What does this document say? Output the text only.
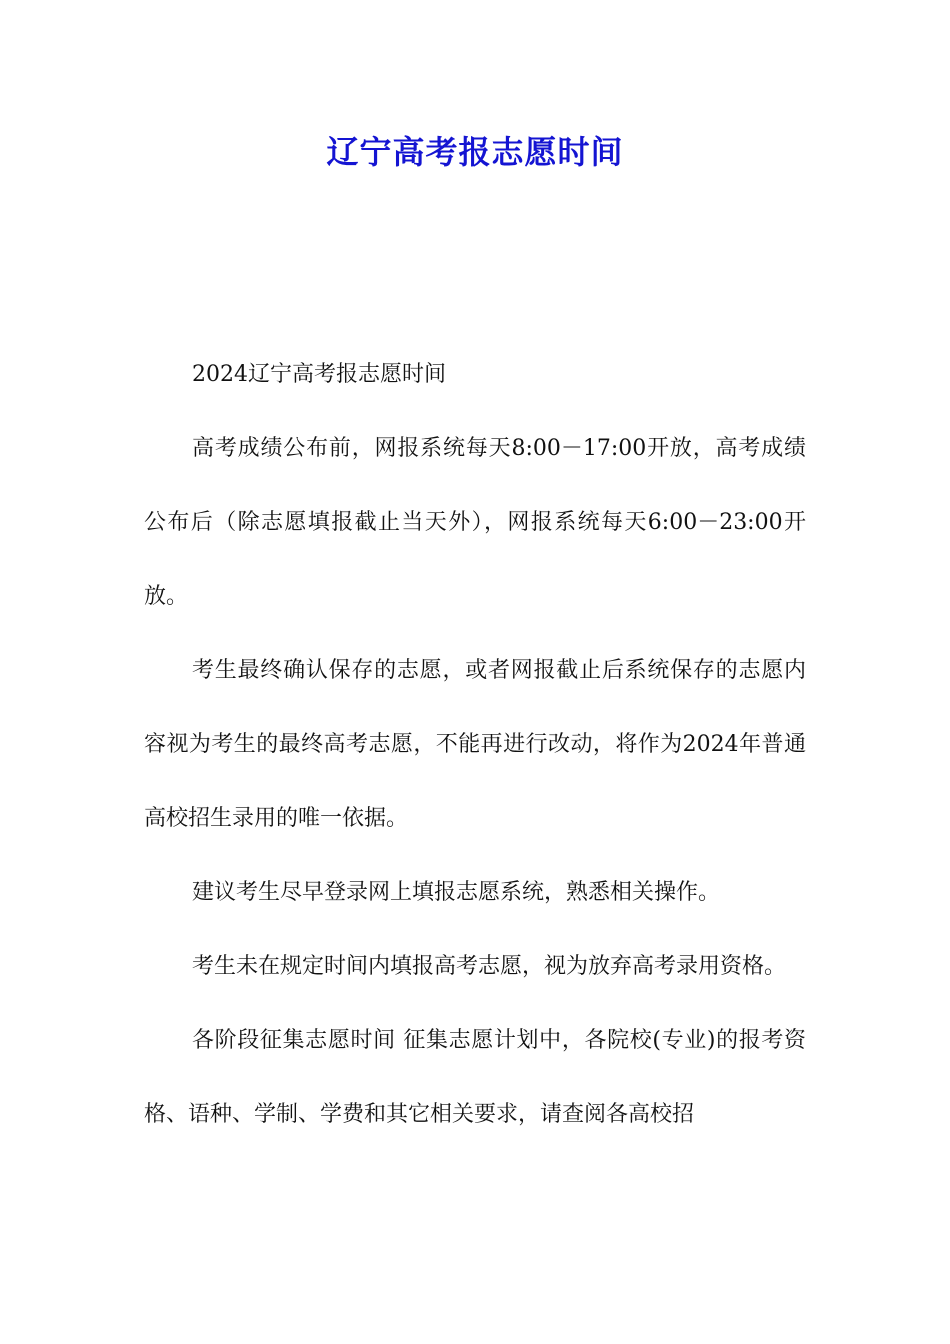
辽宁高考报志愿时间

2024辽宁高考报志愿时间

高考成绩公布前，网报系统每天8:00－17:00开放，高考成绩公布后（除志愿填报截止当天外），网报系统每天6:00－23:00开放。

考生最终确认保存的志愿，或者网报截止后系统保存的志愿内容视为考生的最终高考志愿，不能再进行改动，将作为2024年普通高校招生录用的唯一依据。

建议考生尽早登录网上填报志愿系统，熟悉相关操作。

考生未在规定时间内填报高考志愿，视为放弃高考录用资格。

各阶段征集志愿时间 征集志愿计划中，各院校(专业)的报考资格、语种、学制、学费和其它相关要求，请查阅各高校招
